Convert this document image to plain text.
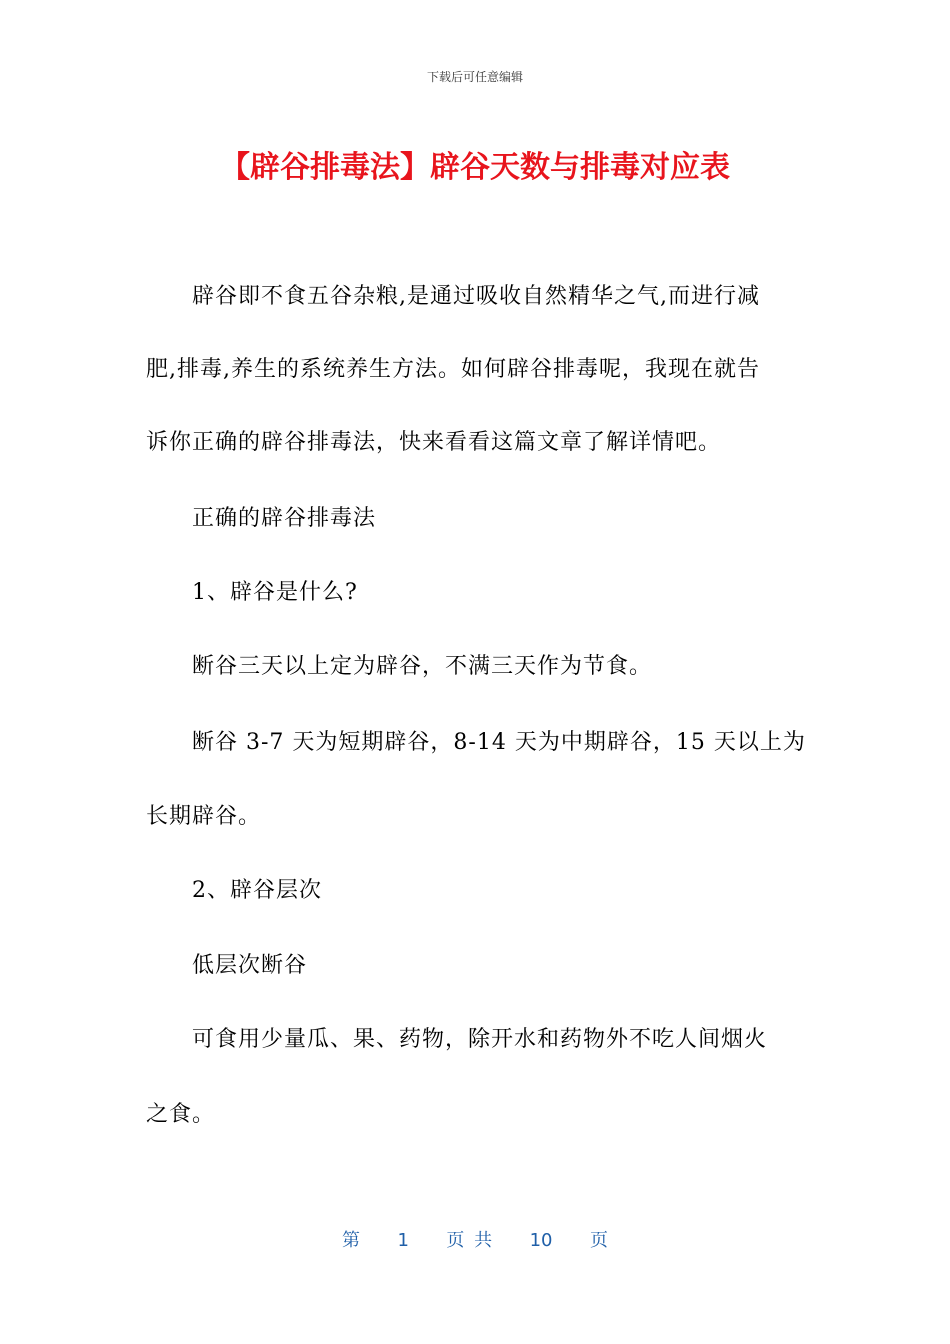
下载后可任意编辑
【辟谷排毒法】辟谷天数与排毒对应表
辟谷即不食五谷杂粮,是通过吸收自然精华之气,而进行减
肥,排毒,养生的系统养生方法。如何辟谷排毒呢，我现在就告
诉你正确的辟谷排毒法，快来看看这篇文章了解详情吧。
正确的辟谷排毒法
1、辟谷是什么?
断谷三天以上定为辟谷，不满三天作为节食。
断谷 3-7 天为短期辟谷，8-14 天为中期辟谷，15 天以上为
长期辟谷。
2、辟谷层次
低层次断谷
可食用少量瓜、果、药物，除开水和药物外不吃人间烟火
之食。
第 1 页 共 10 页
